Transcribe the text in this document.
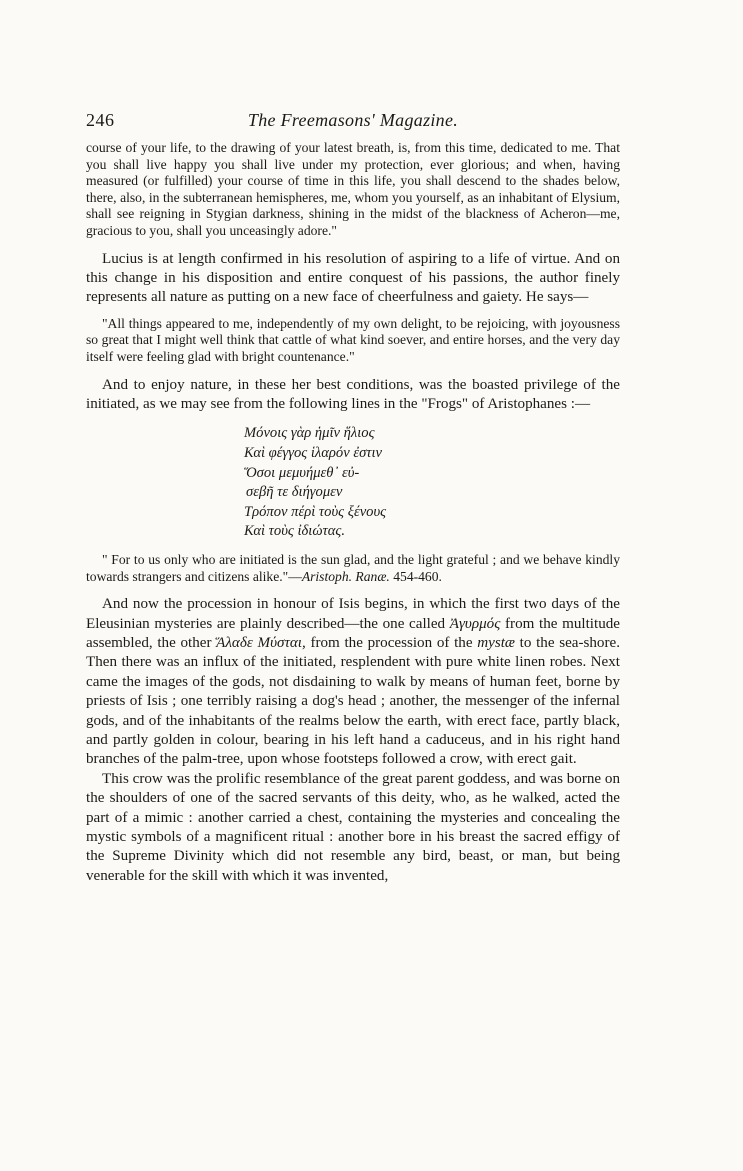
246	The Freemasons' Magazine.

course of your life, to the drawing of your latest breath, is, from this time, dedicated to me. That you shall live happy you shall live under my protection, ever glorious; and when, having measured (or fulfilled) your course of time in this life, you shall descend to the shades below, there, also, in the subterranean hemispheres, me, whom you yourself, as an inhabitant of Elysium, shall see reigning in Stygian darkness, shining in the midst of the blackness of Acheron—me, gracious to you, shall you unceasingly adore."

Lucius is at length confirmed in his resolution of aspiring to a life of virtue. And on this change in his disposition and entire conquest of his passions, the author finely represents all nature as putting on a new face of cheerfulness and gaiety. He says—

"All things appeared to me, independently of my own delight, to be rejoicing, with joyousness so great that I might well think that cattle of what kind soever, and entire horses, and the very day itself were feeling glad with bright countenance."

And to enjoy nature, in these her best conditions, was the boasted privilege of the initiated, as we may see from the following lines in the "Frogs" of Aristophanes :—

Μόνοις γὰρ ἡμῖν ἥλιος
Καὶ φέγγος ἱλαρόν ἐστιν
Ὅσοι μεμυήμεθ᾽ εὐ-
σεβῆ τε διήγομεν
Τρόπον πέρὶ τοὺς ξένους
Καὶ τοὺς ἰδιώτας.

" For to us only who are initiated is the sun glad, and the light grateful ; and we behave kindly towards strangers and citizens alike."—Aristoph. Ranæ. 454-460.

And now the procession in honour of Isis begins, in which the first two days of the Eleusinian mysteries are plainly described—the one called Ἀγυρμός from the multitude assembled, the other Ἅλαδε Μύσται, from the procession of the mystæ to the sea-shore. Then there was an influx of the initiated, resplendent with pure white linen robes. Next came the images of the gods, not disdaining to walk by means of human feet, borne by priests of Isis ; one terribly raising a dog's head ; another, the messenger of the infernal gods, and of the inhabitants of the realms below the earth, with erect face, partly black, and partly golden in colour, bearing in his left hand a caduceus, and in his right hand branches of the palm-tree, upon whose footsteps followed a crow, with erect gait.

This crow was the prolific resemblance of the great parent goddess, and was borne on the shoulders of one of the sacred servants of this deity, who, as he walked, acted the part of a mimic : another carried a chest, containing the mysteries and concealing the mystic symbols of a magnificent ritual : another bore in his breast the sacred effigy of the Supreme Divinity which did not resemble any bird, beast, or man, but being venerable for the skill with which it was invented,
